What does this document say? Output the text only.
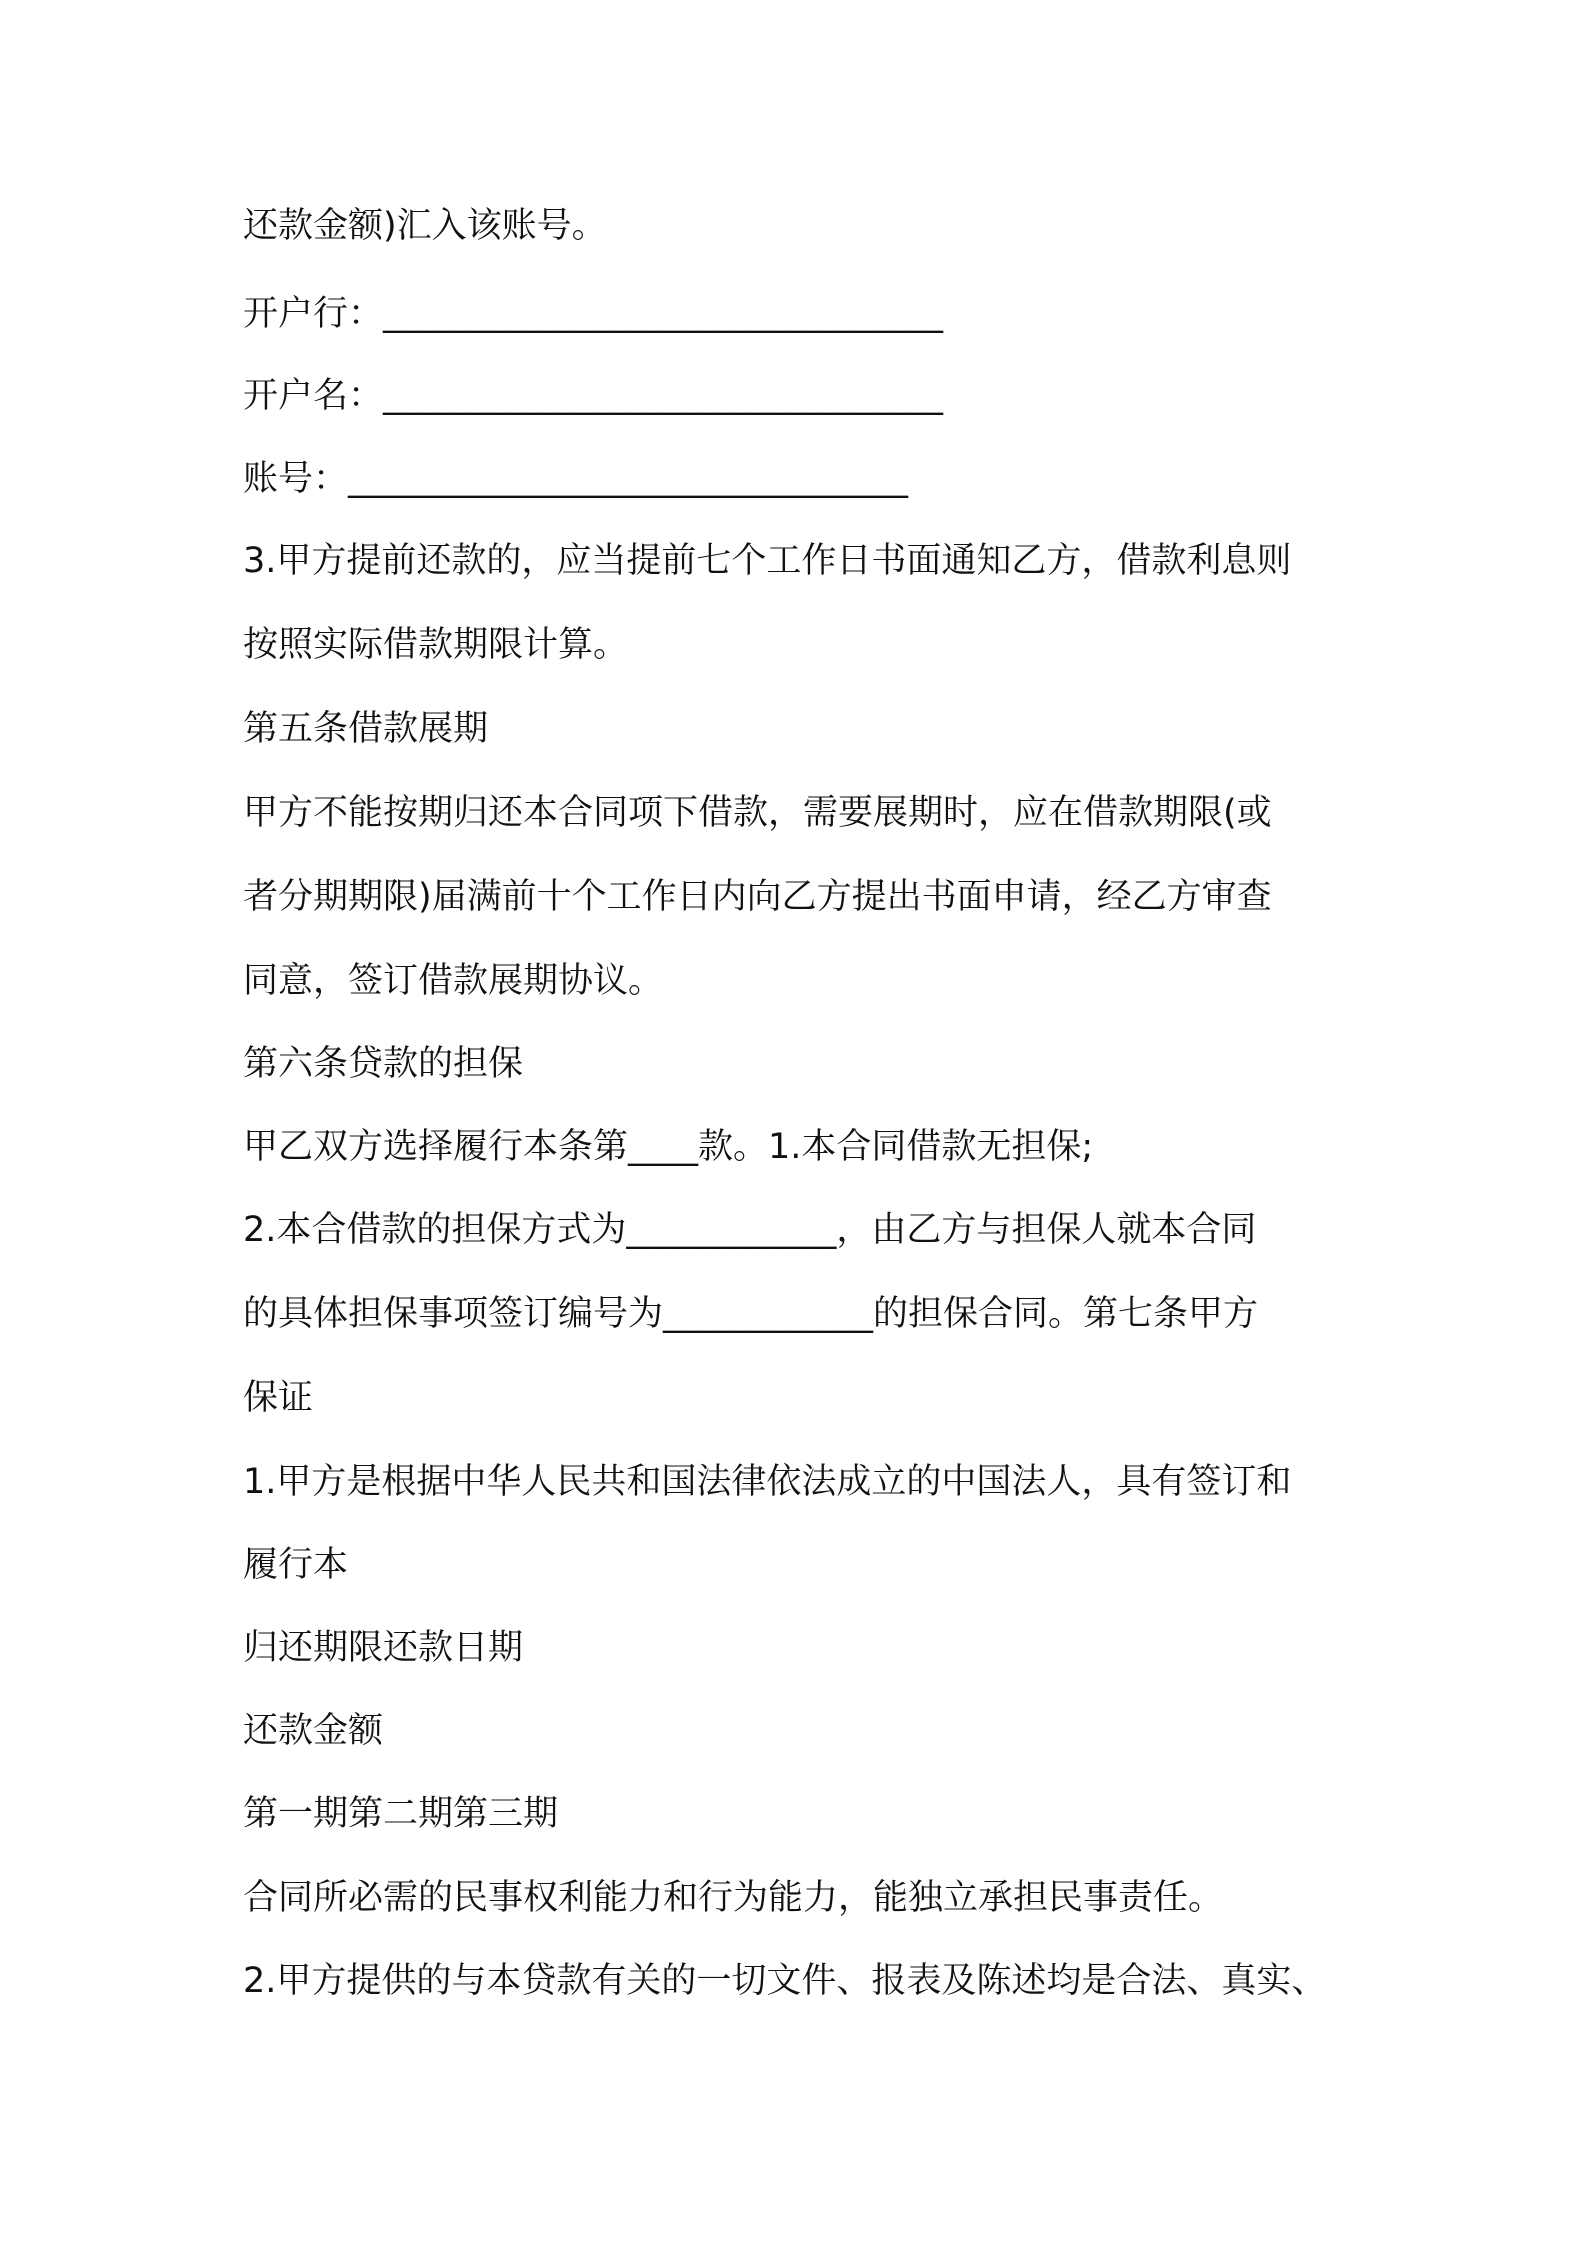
还款金额)汇入该账号。

开户行：________________________________

开户名：________________________________

账号：________________________________

3.甲方提前还款的，应当提前七个工作日书面通知乙方，借款利息则

按照实际借款期限计算。

第五条借款展期

甲方不能按期归还本合同项下借款，需要展期时，应在借款期限(或

者分期期限)届满前十个工作日内向乙方提出书面申请，经乙方审查

同意，签订借款展期协议。

第六条贷款的担保

甲乙双方选择履行本条第____款。1.本合同借款无担保;

2.本合借款的担保方式为____________，由乙方与担保人就本合同

的具体担保事项签订编号为____________的担保合同。第七条甲方

保证

1.甲方是根据中华人民共和国法律依法成立的中国法人，具有签订和

履行本

归还期限还款日期

还款金额

第一期第二期第三期

合同所必需的民事权利能力和行为能力，能独立承担民事责任。

2.甲方提供的与本贷款有关的一切文件、报表及陈述均是合法、真实、
